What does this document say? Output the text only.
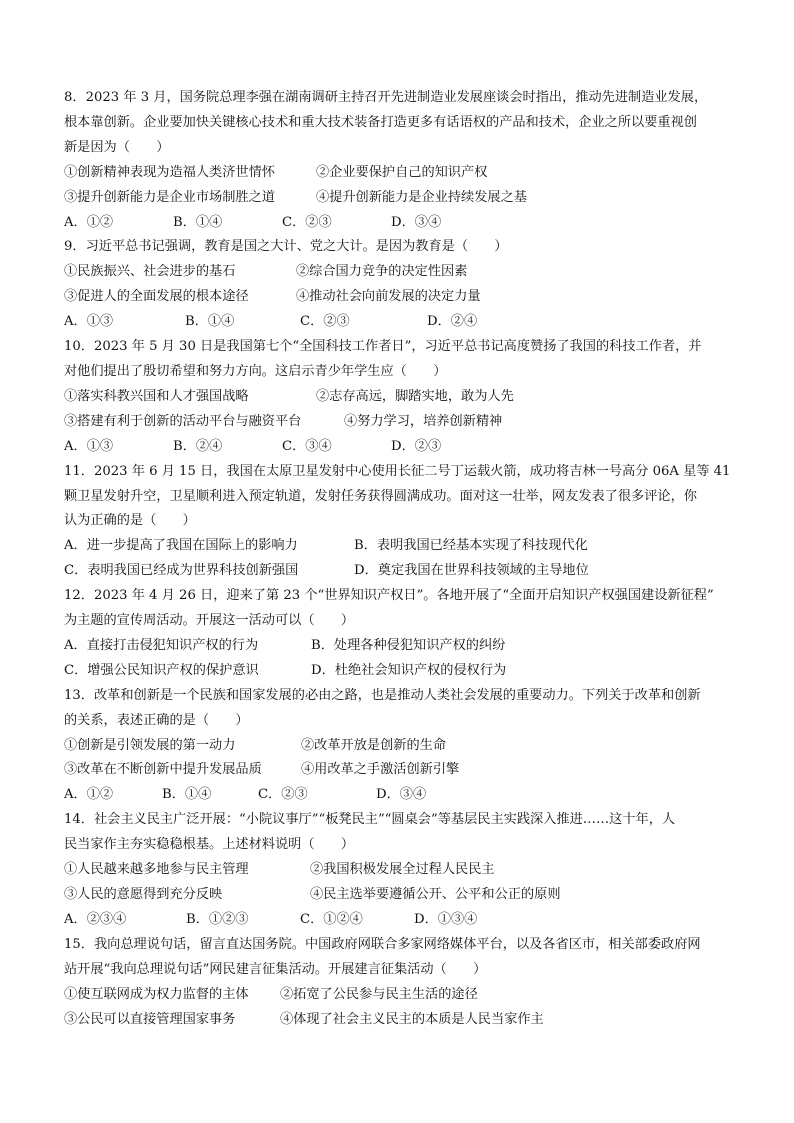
8．2023 年 3 月，国务院总理李强在湖南调研主持召开先进制造业发展座谈会时指出，推动先进制造业发展，
根本靠创新。企业要加快关键核心技术和重大技术装备打造更多有话语权的产品和技术，企业之所以要重视创
新是因为（　　）
①创新精神表现为造福人类济世情怀	②企业要保护自己的知识产权
③提升创新能力是企业市场制胜之道	④提升创新能力是企业持续发展之基
A．①②	B．①④	C．②③	D．③④
9．习近平总书记强调，教育是国之大计、党之大计。是因为教育是（　　）
①民族振兴、社会进步的基石	②综合国力竞争的决定性因素
③促进人的全面发展的根本途径	④推动社会向前发展的决定力量
A．①③	B．①④	C．②③	D．②④
10．2023 年 5 月 30 日是我国第七个“全国科技工作者日”，习近平总书记高度赞扬了我国的科技工作者，并
对他们提出了殷切希望和努力方向。这启示青少年学生应（　　）
①落实科教兴国和人才强国战略	②志存高远，脚踏实地，敢为人先
③搭建有利于创新的活动平台与融资平台	④努力学习，培养创新精神
A．①③	B．②④	C．③④	D．②③
11．2023 年 6 月 15 日，我国在太原卫星发射中心使用长征二号丁运载火箭，成功将吉林一号高分 06A 星等 41
颗卫星发射升空，卫星顺利进入预定轨道，发射任务获得圆满成功。面对这一壮举，网友发表了很多评论，你
认为正确的是（　　）
A．进一步提高了我国在国际上的影响力	B．表明我国已经基本实现了科技现代化
C．表明我国已经成为世界科技创新强国	D．奠定我国在世界科技领域的主导地位
12．2023 年 4 月 26 日，迎来了第 23 个“世界知识产权日”。各地开展了“全面开启知识产权强国建设新征程”
为主题的宣传周活动。开展这一活动可以（　　）
A．直接打击侵犯知识产权的行为	B．处理各种侵犯知识产权的纠纷
C．增强公民知识产权的保护意识	D．杜绝社会知识产权的侵权行为
13．改革和创新是一个民族和国家发展的必由之路，也是推动人类社会发展的重要动力。下列关于改革和创新
的关系，表述正确的是（　　）
①创新是引领发展的第一动力	②改革开放是创新的生命
③改革在不断创新中提升发展品质	④用改革之手激活创新引擎
A．①②	B．①④	C．②③	D．③④
14．社会主义民主广泛开展：“小院议事厅”“板凳民主”“圆桌会”等基层民主实践深入推进……这十年，人
民当家作主夯实稳稳根基。上述材料说明（　　）
①人民越来越多地参与民主管理	②我国积极发展全过程人民民主
③人民的意愿得到充分反映	④民主选举要遵循公开、公平和公正的原则
A．②③④	B．①②③	C．①②④	D．①③④
15．我向总理说句话，留言直达国务院。中国政府网联合多家网络媒体平台，以及各省区市，相关部委政府网
站开展“我向总理说句话”网民建言征集活动。开展建言征集活动（　　）
①使互联网成为权力监督的主体	②拓宽了公民参与民主生活的途径
③公民可以直接管理国家事务	④体现了社会主义民主的本质是人民当家作主
